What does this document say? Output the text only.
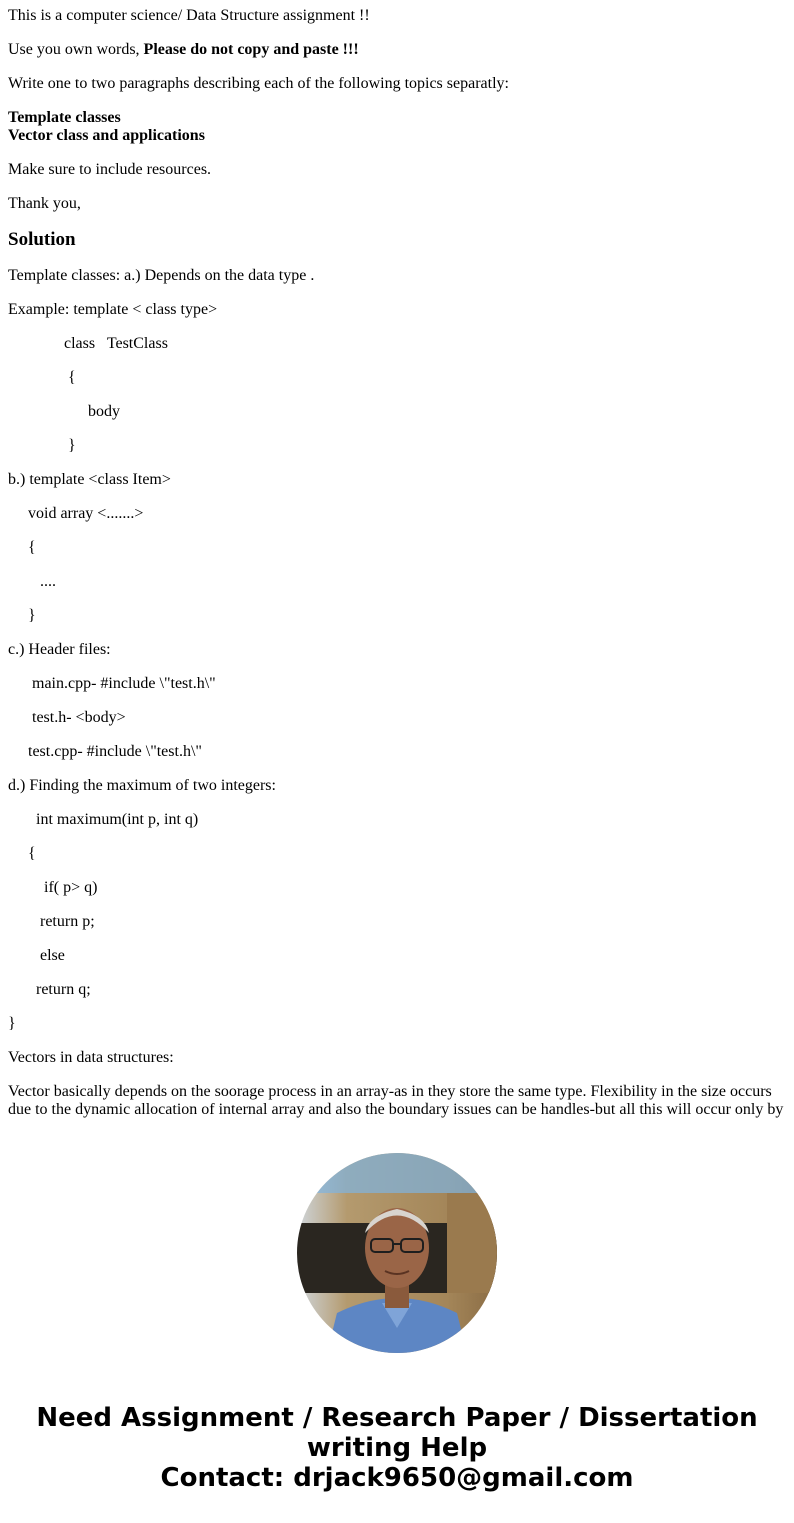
This is a computer science/ Data Structure assignment !!

Use you own words, Please do not copy and paste !!!

Write one to two paragraphs describing each of the following topics separatly:

Template classes
Vector class and applications

Make sure to include resources.

Thank you,

Solution

Template classes: a.) Depends on the data type .

Example: template < class type>

class   TestClass

{

body

}

b.) template <class Item>

void array <.......>

{

....

}

c.) Header files:

main.cpp- #include \"test.h\"

test.h- <body>

test.cpp- #include \"test.h\"

d.) Finding the maximum of two integers:

int maximum(int p, int q)

{

if( p> q)

return p;

else

return q;

}

Vectors in data structures:

Vector basically depends on the soorage process in an array-as in they store the same type. Flexibility in the size occurs due to the dynamic allocation of internal array and also the boundary issues can be handles-but all this will occur only by

Need Assignment / Research Paper / Dissertation
writing Help
Contact: drjack9650@gmail.com
